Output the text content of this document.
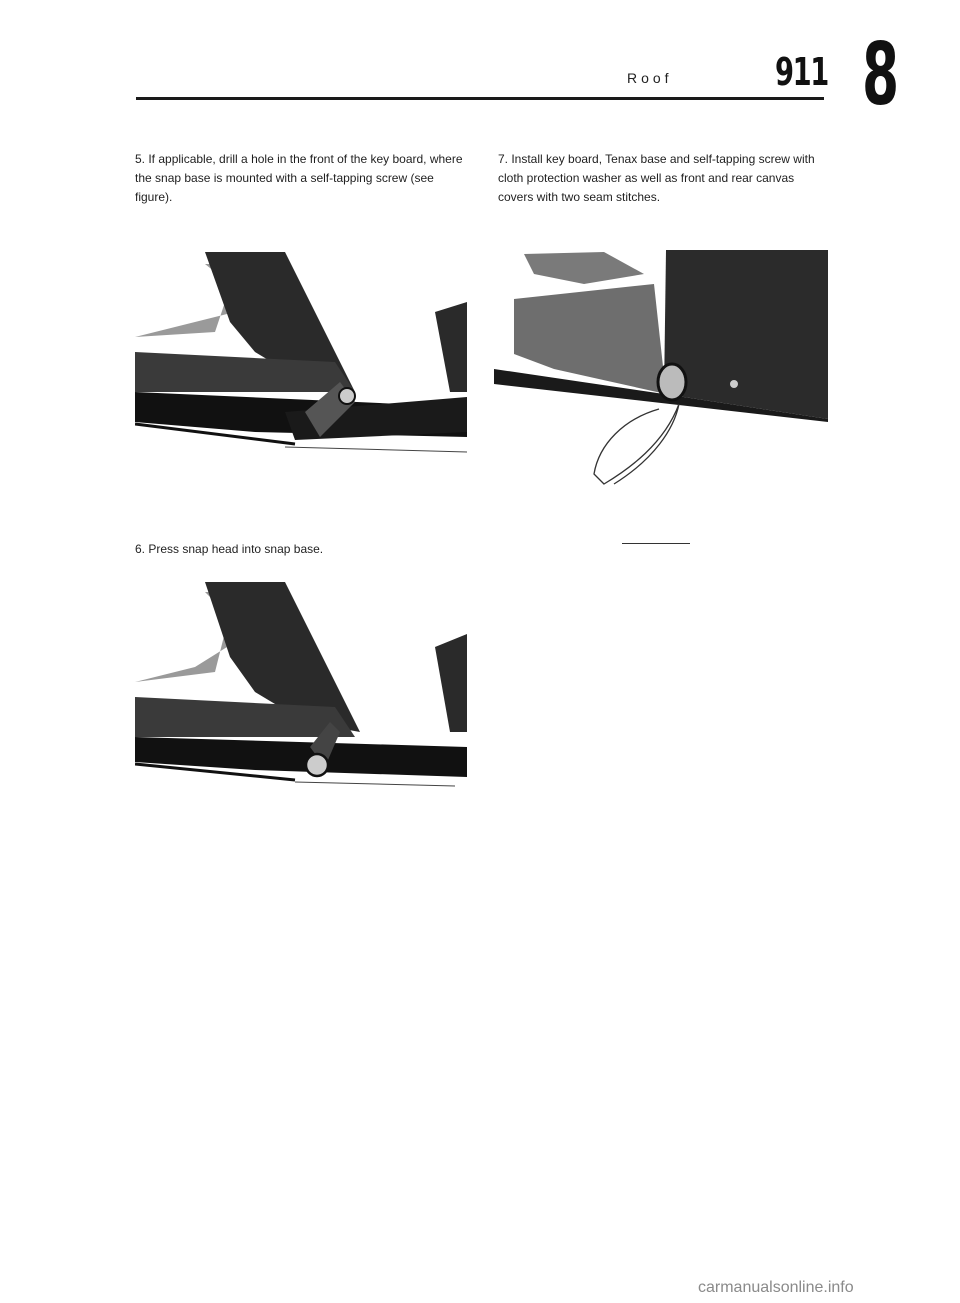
Roof	911 8
5. If applicable, drill a hole in the front of the key board, where the snap base is mounted with a self-tapping screw (see figure).
7. Install key board, Tenax base and self-tapping screw with cloth protection washer as well as front and rear canvas covers with two seam stitches.
6. Press snap head into snap base.
carmanualsonline.info
